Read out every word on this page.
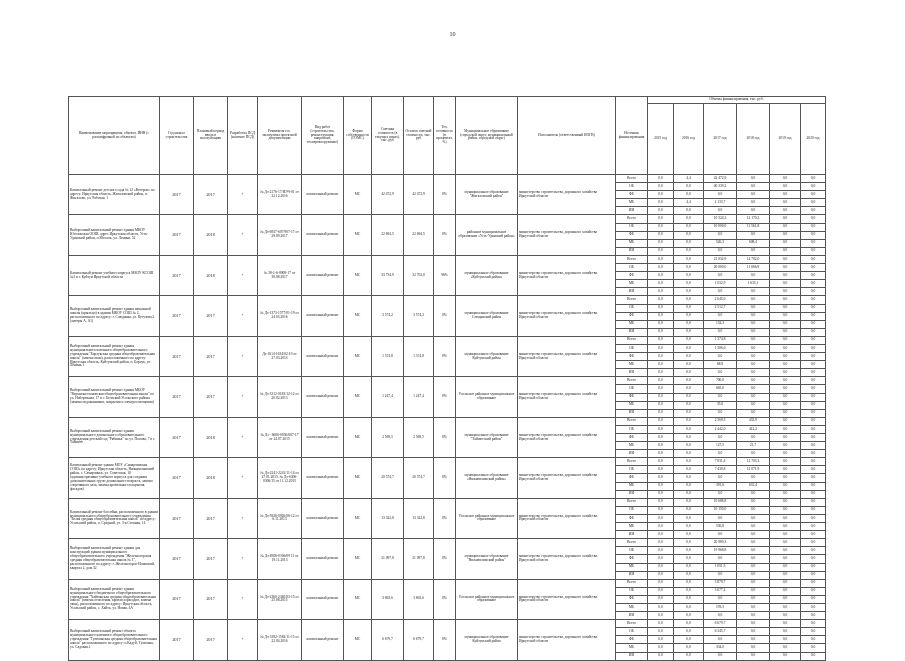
10
Наименование мероприятия, объекта, ИНН (с расшифровкой по объектам)	Год начала строительства	Плановый период ввода в эксплуатацию	Разработка ПСД (наличие ПСД)	Реквизиты гос. экспертизы проектной документации	Вид работ (строительство, реконструкция, капремонт, техперевооружение)	Форма собственности (ГОМС)	Сметная стоимость (в текущих ценах), тыс. руб	Остаток сметной стоимости, тыс. руб	Тех. готовность (в процентах, %)	Муниципальное образование (городской округ, муниципальный район, городской округ)	Исполнитель (ответственный ИОГВ)	Источник финансирования	Объемы финансирования, тыс. руб.					
													2015 год	2016 год	2017 год	2018 год	2019 год	2020 год
Капитальный ремонт детского сада № 12 «Ветерок» по адресу: Иркутская область, Жигаловский район, п. Жигалово, ул. Рабочая, 1	2017	2017	+	№ Дз-2176-17/ИЭЧ-01 от 22.12.2016	капитальный ремонт	МС	42 472,9	42 472,9	0%	муниципальное образование "Жигаловский район"	министерство строительства, дорожного хозяйства Иркутской области	Всего	0,0	4,4	42 472,9	0,0	0,0	0,0
												ОБ	0,0	0,0	40 339,2	0,0	0,0	0,0
												ФБ	0,0	0,0	0,0	0,0	0,0	0,0
												МБ	0,0	4,4	2 133,7	0,0	0,0	0,0
												ИИ	0,0	0,0	0,0	0,0	0,0	0,0
Выборочный капитальный ремонт здания МКОУ Юголокская ООШ, адрес Иркутская область, Усть-Удинский район, п.Юголок, ул. Ленина, 52	2017	2018	+	№ Дз-6937-607/907-17 от 29.09.2017	капитальный ремонт	МС	22 694,5	22 694,5	0%	районное муниципальное образование «Усть-Удинский район»	министерство строительства, дорожного хозяйства Иркутской области	Всего	0,0	0,0	10 524,3	12 170,2	0,0	0,0
												ОБ	0,0	0,0	10 000,0	11 561,8	0,0	0,0
												ФБ	0,0	0,0	0,0	0,0	0,0	0,0
												МБ	0,0	0,0	526,3	608,4	0,0	0,0
												ИИ	0,0	0,0	0,0	0,0	0,0	0,0
Капитальный ремонт учебного корпуса МБОУ КСОШ №1 в г. Куйтун Иркутской области	2017	2018	+	№ 38-1-6-0908-17 от 30.08.2017	капитальный ремонт	МС	33 734,9	32 702,0	96%	муниципальное образование «Куйтунский район»	министерство строительства, дорожного хозяйства Иркутской области	Всего	0,0	0,0	21 032,9	12 702,0	0,0	0,0
												ОБ	0,0	0,0	20 000,0	11 066,9	0,0	0,0
												ФБ	0,0	0,0	0,0	0,0	0,0	0,0
												МБ	0,0	0,0	1 032,9	1 635,1	0,0	0,0
												ИИ	0,0	0,0	0,0	0,0	0,0	0,0
Выборочный капитальный ремонт здания начальной школы (крыльцо) в здании МКОУ СОШ № 2, расположенного по адресу: г. Слюдянка, ул. Кутузова,2 (литеры А, А1)	2017	2017	+	№ Дз-1373-1577/01-19 от 24.03.2016	капитальный ремонт	МС	3 574,2	3 574,2	0%	муниципальное образование Слюдянский район	министерство строительства, дорожного хозяйства Иркутской области	Всего	0,0	0,0	2 645,0	0,0	0,0	0,0
												ОБ	0,0	0,0	2 512,7	0,0	0,0	0,0
												ФБ	0,0	0,0	0,0	0,0	0,0	0,0
												МБ	0,0	0,0	132,3	0,0	0,0	0,0
												ИИ	0,0	0,0	0,0	0,0	0,0	0,0
Выборочный капитальный ремонт здания муниципального казенного общеобразовательного учреждения "Барлукская средняя общеобразовательная школа" (замена окон), расположенного по адресу: Иркутская область, Куйтунский район, п. Барлук, ул. Ленина,1	2017	2017	+	Дз-1614-1634/02-19 от 27.03.2014	капитальный ремонт	МС	1 374,8	1 374,8	0%	муниципальное образование Куйтунский район	министерство строительства, дорожного хозяйства Иркутской области	Всего	0,0	0,0	1 374,8	0,0	0,0	0,0
												ОБ	0,0	0,0	1 306,0	0,0	0,0	0,0
												ФБ	0,0	0,0	0,0	0,0	0,0	0,0
												МБ	0,0	0,0	68,8	0,0	0,0	0,0
												ИИ	0,0	0,0	0,0	0,0	0,0	0,0
Выборочный капитальный ремонт здания МБОУ "Верхнежелтоновская общеобразовательная школа" по ул. Набережная, 17 в с. Бельский Усольского района (замена подоконников, покрытия и электроосвещения)	2017	2017	+	№ Дз-3312-0183/12-12 от 20.02.2013	капитальный ремонт	МС	1 247,4	1 247,4	0%	Усольское районное муниципальное образование	министерство строительства, дорожного хозяйства Иркутской области	Всего	0,0	0,0	700,0	0,0	0,0	0,0
												ОБ	0,0	0,0	665,0	0,0	0,0	0,0
												ФБ	0,0	0,0	0,0	0,0	0,0	0,0
												МБ	0,0	0,0	35,0	0,0	0,0	0,0
												ИИ	0,0	0,0	0,0	0,0	0,0	0,0
Выборочный капитальный ремонт здания муниципального дошкольного образовательного учреждения детский сад "Рябинка" по ул. Попова, 7 в г. Тайшете	2017	2018	+	№ Дз - 6606-0030/607-17 от 24.07.2015	капитальный ремонт	МС	2 569,5	2 569,5	0%	муниципальное образование "Тайшетский район"	министерство строительства, дорожного хозяйства Иркутской области	Всего	0,0	0,0	2 569,5	433,9	0,0	0,0
												ОБ	0,0	0,0	2 442,0	412,2	0,0	0,0
												ФБ	0,0	0,0	0,0	0,0	0,0	0,0
												МБ	0,0	0,0	127,5	21,7	0,0	0,0
												ИИ	0,0	0,0	0,0	0,0	0,0	0,0
Капитальный ремонт здания МОУ «Самарчинская СОШ» по адресу: Иркутская область, Нижнеилимский район, с. Самарчинск, ул. Советская, 10 (административно-учебного корпуса для создания дополнительных групп дошкольного возраста, замена спортивного зала, замена кровельного покрытия, фасадов)	2017	2018	+	№ Дз-2241-2241/11-14 от 27.01.2015, № Дз-6306-0306/15 от 11.12.2015	капитальный ремонт	МС	20 574,7	20 574,7	0%	муниципальное образование «Нижнеилимский район»	министерство строительства, дорожного хозяйства Иркутской области	Всего	0,0	0,0	7 831,4	12 703,3	0,0	0,0
												ОБ	0,0	0,0	7 439,8	12 071,9	0,0	0,0
												ФБ	0,0	0,0	0,0	0,0	0,0	0,0
												МБ	0,0	0,0	391,6	631,4	0,0	0,0
												ИИ	0,0	0,0	0,0	0,0	0,0	0,0
Капитальный ремонт бассейна, расположенного в здании муниципального общеобразовательного учреждения "Белая средняя общеобразовательная школа" по адресу: Усольский район, п. Средний, ул. 3-я Степная, 14	2017	2017	+	№ Дз-5926-0926/06-12 от 6.11.2013	капитальный ремонт	МС	13 322,8	13 322,8	0%	Усольское районное муниципальное образование	министерство строительства, дорожного хозяйства Иркутской области	Всего	0,0	0,0	10 686,8	0,0	0,0	0,0
												ОБ	0,0	0,0	10 150,0	0,0	0,0	0,0
												ФБ	0,0	0,0	0,0	0,0	0,0	0,0
												МБ	0,0	0,0	536,8	0,0	0,0	0,0
												ИИ	0,0	0,0	0,0	0,0	0,0	0,0
Выборочный капитальный ремонт здания для конструкций здания муниципального общеобразовательного учреждения "Железногорская средняя общеобразовательная школа № 1", расположенного по адресу: г. Железногорск-Илимский, квартал 2, дом 32	2017	2017	+	№ Дз-8306-0306/09 11 от 19.11.2013	капитальный ремонт	МС	21 097,8	21 097,8	0%	муниципальное образование "Нижнеилимский район"	министерство строительства, дорожного хозяйства Иркутской области	Всего	0,0	0,0	20 980,3	0,0	0,0	0,0
												ОБ	0,0	0,0	19 968,8	0,0	0,0	0,0
												ФБ	0,0	0,0	0,0	0,0	0,0	0,0
												МБ	0,0	0,0	1 051,5	0,0	0,0	0,0
												ИИ	0,0	0,0	0,0	0,0	0,0	0,0
Выборочный капитальный ремонт здания муниципального бюджетного общеобразовательного учреждения "Хайтинская средняя общеобразовательная школа" (замена отопления, кровли и фасадов, замена окон), расположенного по адресу: Иркутская область, Усольский район, с. Хайта, ул. Новая, 4А	2017	2017	+	№ Дз-2360-2340/03-15 от 25.08.2015	капитальный ремонт	МС	3 863,6	3 863,6	0%	Усольское районное муниципальное образование	министерство строительства, дорожного хозяйства Иркутской области	Всего	0,0	0,0	3 870,7	0,0	0,0	0,0
												ОБ	0,0	0,0	3 677,2	0,0	0,0	0,0
												ФБ	0,0	0,0	0,0	0,0	0,0	0,0
												МБ	0,0	0,0	193,5	0,0	0,0	0,0
												ИИ	0,0	0,0	0,0	0,0	0,0	0,0
Выборочный капитальный ремонт объекта муниципального казенного общеобразовательного учреждения "Тулюшкская средняя общеобразовательная школа" расположенного по адресу: п.Кадуй, Тулюшка, ул. Садовая,1	2017	2017	+	№ Дз-3182-1582/11-15 от 22.04.2016	капитальный ремонт	МС	6 679,7	6 679,7	0%	муниципальное образование Куйтунский район	министерство строительства, дорожного хозяйства Иркутской области	Всего	0,0	0,0	6 679,7	0,0	0,0	0,0
												ОБ	0,0	0,0	6 345,7	0,0	0,0	0,0
												ФБ	0,0	0,0	0,0	0,0	0,0	0,0
												МБ	0,0	0,0	334,0	0,0	0,0	0,0
												ИИ	0,0	0,0	0,0	0,0	0,0	0,0
